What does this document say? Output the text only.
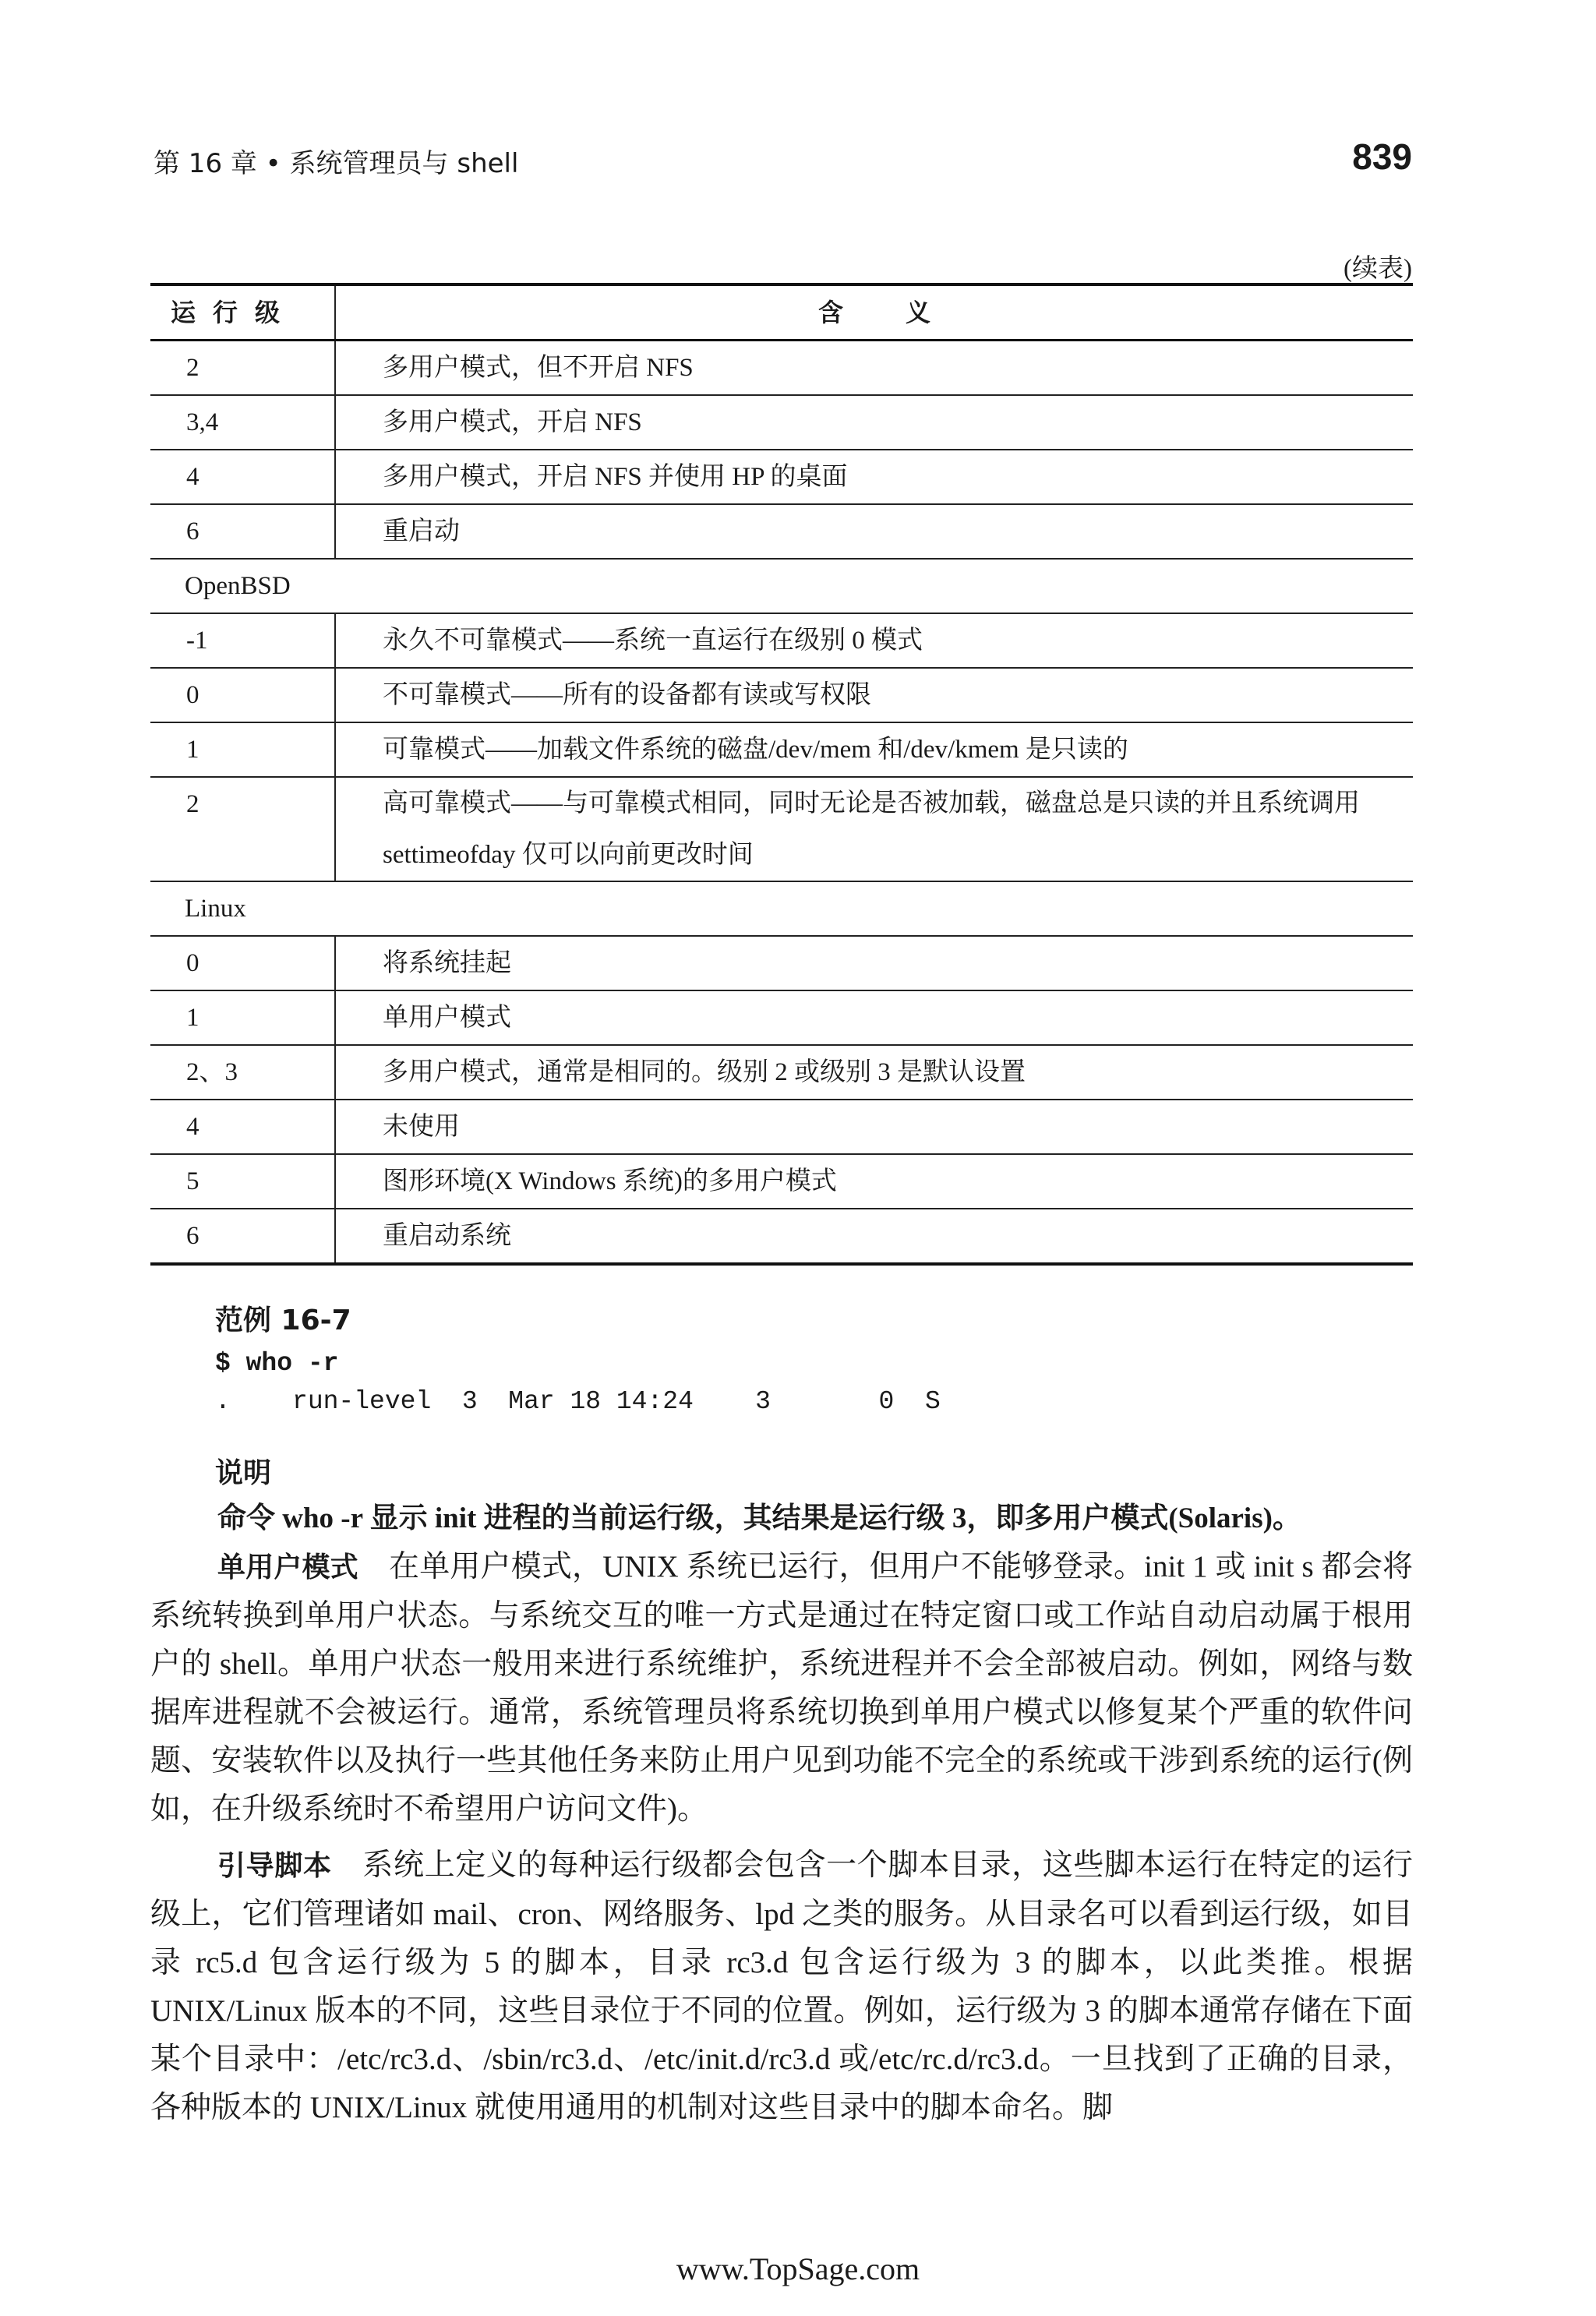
第 16 章 • 系统管理员与 shell	839
(续表)
运行级	含义
2	多用户模式，但不开启 NFS
3,4	多用户模式，开启 NFS
4	多用户模式，开启 NFS 并使用 HP 的桌面
6	重启动
OpenBSD	
-1	永久不可靠模式——系统一直运行在级别 0 模式
0	不可靠模式——所有的设备都有读或写权限
1	可靠模式——加载文件系统的磁盘/dev/mem 和/dev/kmem 是只读的
2	高可靠模式——与可靠模式相同，同时无论是否被加载，磁盘总是只读的并且系统调用 settimeofday 仅可以向前更改时间
Linux	
0	将系统挂起
1	单用户模式
2、3	多用户模式，通常是相同的。级别 2 或级别 3 是默认设置
4	未使用
5	图形环境(X Windows 系统)的多用户模式
6	重启动系统
范例 16-7
$ who -r
.    run-level  3  Mar 18 14:24    3       0  S
说明

命令 who -r 显示 init 进程的当前运行级，其结果是运行级 3，即多用户模式(Solaris)。

单用户模式  在单用户模式，UNIX 系统已运行，但用户不能够登录。init 1 或 init s 都会将系统转换到单用户状态。与系统交互的唯一方式是通过在特定窗口或工作站自动启动属于根用户的 shell。单用户状态一般用来进行系统维护，系统进程并不会全部被启动。例如，网络与数据库进程就不会被运行。通常，系统管理员将系统切换到单用户模式以修复某个严重的软件问题、安装软件以及执行一些其他任务来防止用户见到功能不完全的系统或干涉到系统的运行(例如，在升级系统时不希望用户访问文件)。

引导脚本  系统上定义的每种运行级都会包含一个脚本目录，这些脚本运行在特定的运行级上，它们管理诸如 mail、cron、网络服务、lpd 之类的服务。从目录名可以看到运行级，如目录 rc5.d 包含运行级为 5 的脚本，目录 rc3.d 包含运行级为 3 的脚本，以此类推。根据 UNIX/Linux 版本的不同，这些目录位于不同的位置。例如，运行级为 3 的脚本通常存储在下面某个目录中：/etc/rc3.d、/sbin/rc3.d、/etc/init.d/rc3.d 或/etc/rc.d/rc3.d。一旦找到了正确的目录，各种版本的 UNIX/Linux 就使用通用的机制对这些目录中的脚本命名。脚

www.TopSage.com
